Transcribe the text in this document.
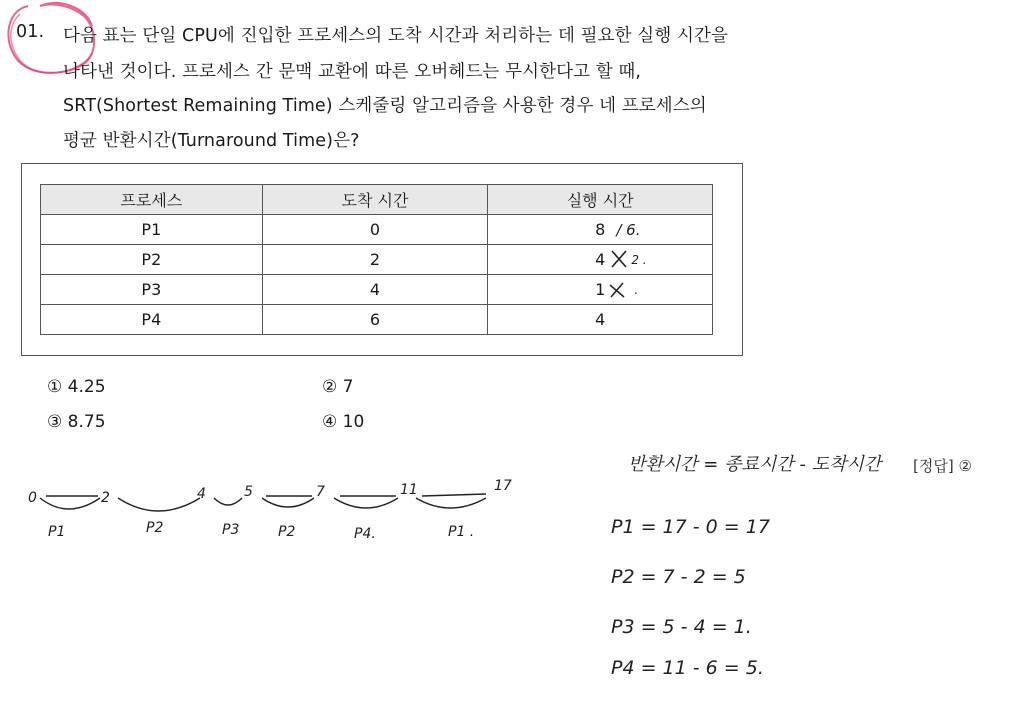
01. 다음 표는 단일 CPU에 진입한 프로세스의 도착 시간과 처리하는 데 필요한 실행 시간을
나타낸 것이다. 프로세스 간 문맥 교환에 따른 오버헤드는 무시한다고 할 때,
SRT(Shortest Remaining Time) 스케줄링 알고리즘을 사용한 경우 네 프로세스의
평균 반환시간(Turnaround Time)은?
프로세스	도착 시간	실행 시간
P1	0	8 / 6.

P2	2	4 2 .

P3	4	1 .

P4	6	4
① 4.25	② 7
③ 8.75	④ 10
[정답] ②
반환시간 = 종료시간 - 도착시간
0	2	4	5	7	11	17
P1	P2	P3	P2	P4.	P1 .	P1 = 17 - 0 = 17
P2 = 7 - 2 = 5
P3 = 5 - 4 = 1.
P4 = 11 - 6 = 5.
